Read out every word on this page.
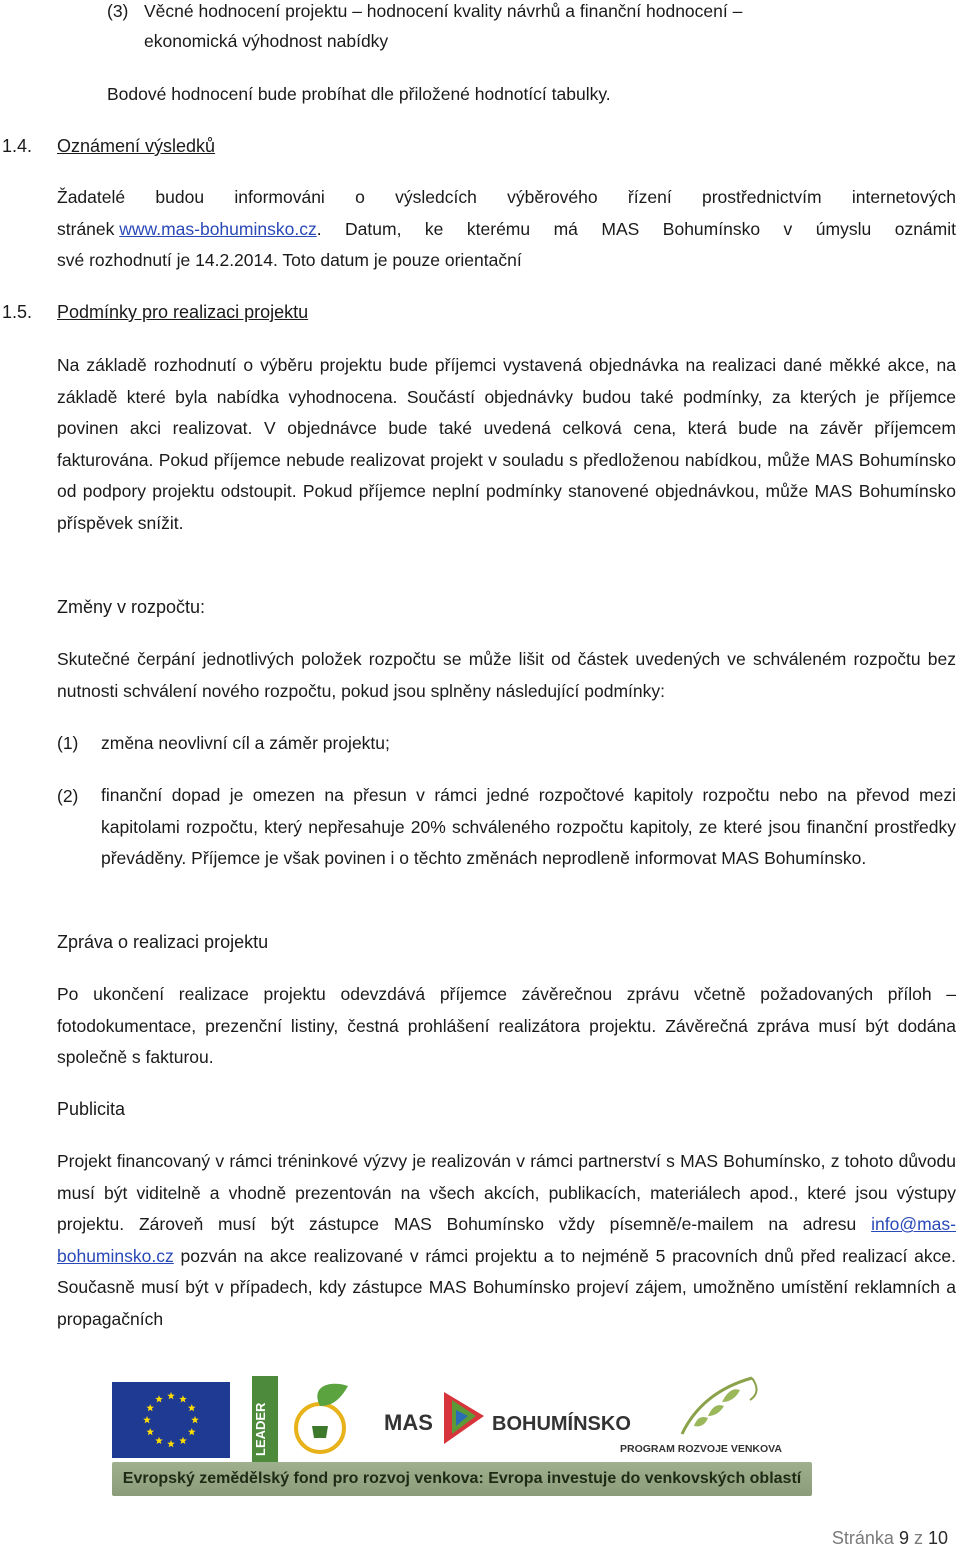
(3) Věcné hodnocení projektu – hodnocení kvality návrhů a finanční hodnocení –
ekonomická výhodnost nabídky
Bodové hodnocení bude probíhat dle přiložené hodnotící tabulky.
1.4. Oznámení výsledků
Žadatelé budou informováni o výsledcích výběrového řízení prostřednictvím internetových
stránek
www.mas-bohuminsko.cz . Datum, ke kterému má MAS Bohumínsko v úmyslu oznámit
své rozhodnutí je 14.2.2014. Toto datum je pouze orientační
1.5. Podmínky pro realizaci projektu
Na základě rozhodnutí o výběru projektu bude příjemci vystavená objednávka na realizaci dané měkké akce, na základě které byla nabídka vyhodnocena. Součástí objednávky budou také podmínky, za kterých je příjemce povinen akci realizovat. V objednávce bude také uvedená celková cena, která bude na závěr příjemcem fakturována. Pokud příjemce nebude realizovat projekt v souladu s předloženou nabídkou, může MAS Bohumínsko od podpory projektu odstoupit. Pokud příjemce neplní podmínky stanovené objednávkou, může MAS Bohumínsko příspěvek snížit.
Změny v rozpočtu:
Skutečné čerpání jednotlivých položek rozpočtu se může lišit od částek uvedených ve schváleném rozpočtu bez nutnosti schválení nového rozpočtu, pokud jsou splněny následující podmínky:
(1) změna neovlivní cíl a záměr projektu;
(2) finanční dopad je omezen na přesun v rámci jedné rozpočtové kapitoly rozpočtu nebo na převod mezi kapitolami rozpočtu, který nepřesahuje 20% schváleného rozpočtu kapitoly, ze které jsou finanční prostředky převáděny. Příjemce je však povinen i o těchto změnách neprodleně informovat MAS Bohumínsko.
Zpráva o realizaci projektu
Po ukončení realizace projektu odevzdává příjemce závěrečnou zprávu včetně požadovaných příloh – fotodokumentace, prezenční listiny, čestná prohlášení realizátora projektu. Závěrečná zpráva musí být dodána společně s fakturou.
Publicita
Projekt financovaný v rámci tréninkové výzvy je realizován v rámci partnerství s MAS Bohumínsko, z tohoto důvodu musí být viditelně a vhodně prezentován na všech akcích, publikacích, materiálech apod., které jsou výstupy projektu. Zároveň musí být zástupce MAS Bohumínsko vždy písemně/e-mailem na adresu info@mas-bohuminsko.cz pozván na akce realizované v rámci projektu a to nejméně 5 pracovních dnů před realizací akce. Současně musí být v případech, kdy zástupce MAS Bohumínsko projeví zájem, umožněno umístění reklamních a propagačních
LEADER	MAS	BOHUMÍNSKO
PROGRAM ROZVOJE VENKOVA
Evropský zemědělský fond pro rozvoj venkova: Evropa investuje do venkovských oblastí
Stránka 9 z 10
